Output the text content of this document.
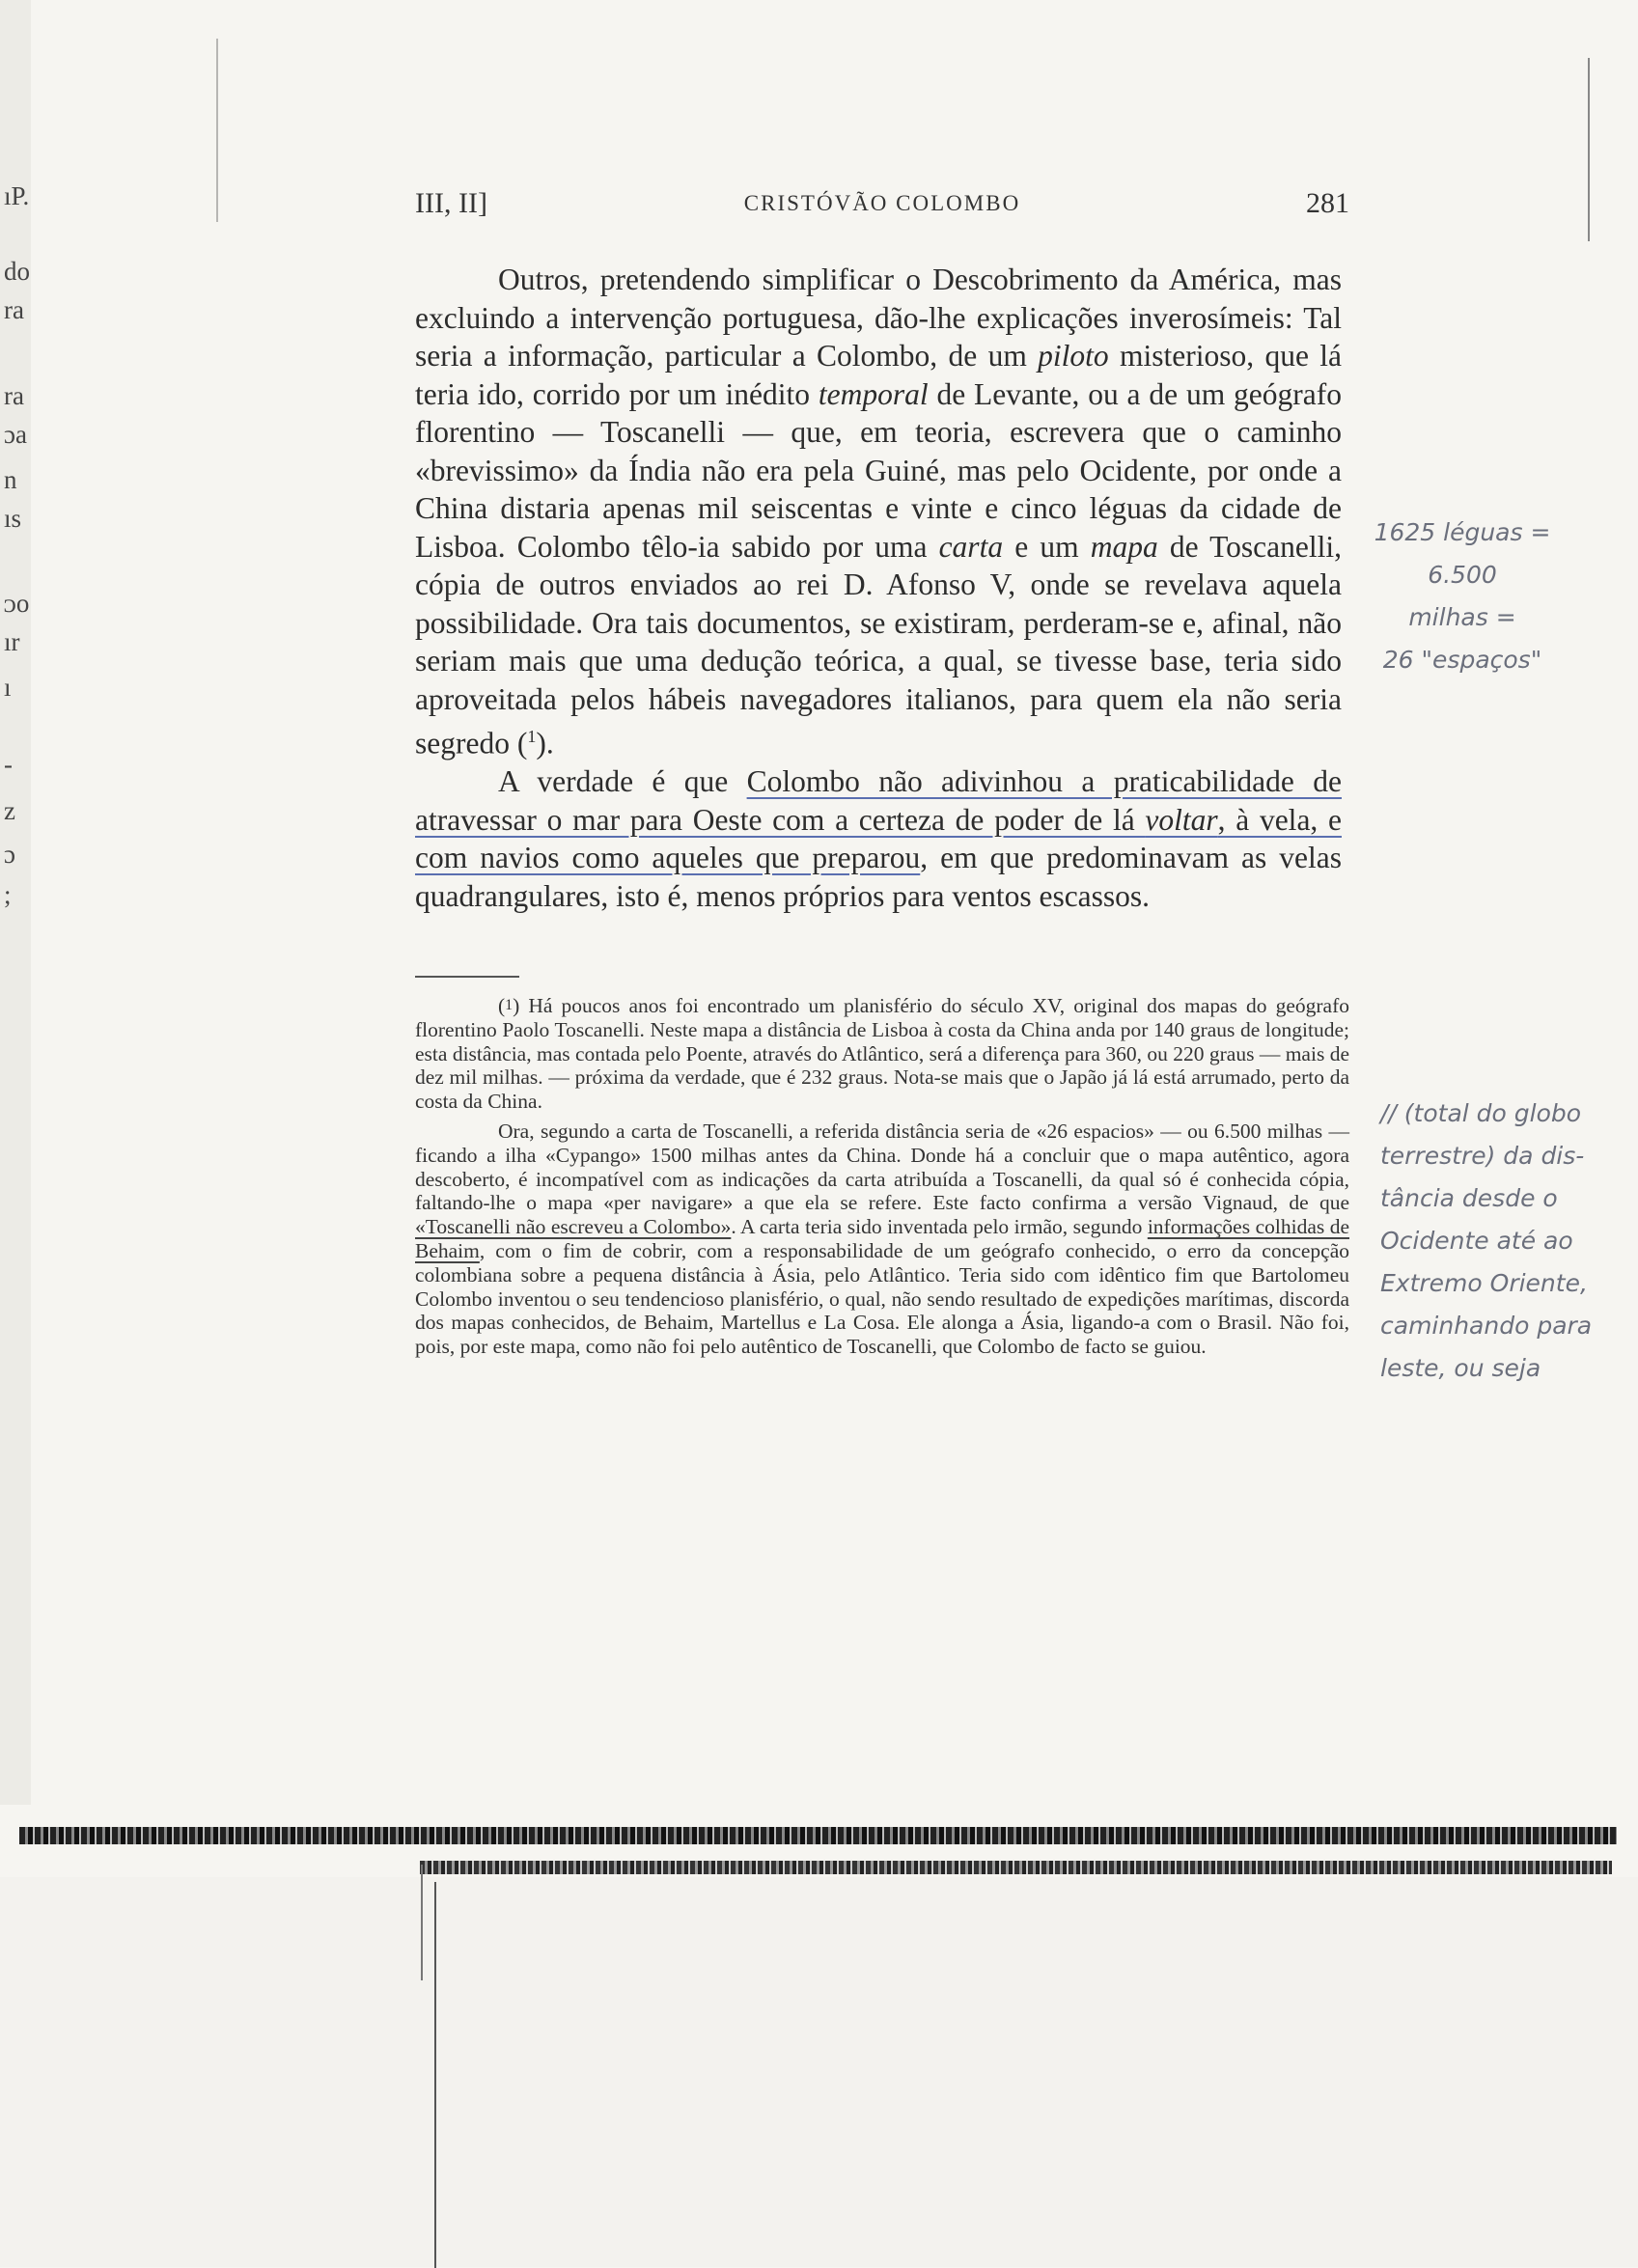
ıP.
do
ra
ra
ɔa
n
ıs
ᴐo
ır
ı
-
z
ɔ
;
III, II]	CRISTÓVÃO COLOMBO	281

Outros, pretendendo simplificar o Descobrimento da América, mas excluindo a intervenção portuguesa, dão-lhe explicações inverosímeis: Tal seria a informação, particular a Colombo, de um piloto misterioso, que lá teria ido, corrido por um inédito temporal de Levante, ou a de um geógrafo florentino — Toscanelli — que, em teoria, escrevera que o caminho «brevissimo» da Índia não era pela Guiné, mas pelo Ocidente, por onde a China distaria apenas mil seiscentas e vinte e cinco léguas da cidade de Lisboa. Colombo têlo-ia sabido por uma carta e um mapa de Toscanelli, cópia de outros enviados ao rei D. Afonso V, onde se revelava aquela possibilidade. Ora tais documentos, se existiram, perderam-se e, afinal, não seriam mais que uma dedução teórica, a qual, se tivesse base, teria sido aproveitada pelos hábeis navegadores italianos, para quem ela não seria segredo ($^1$).

A verdade é que Colombo não adivinhou a praticabilidade de atravessar o mar para Oeste com a certeza de poder de lá voltar, à vela, e com navios como aqueles que preparou, em que predominavam as velas quadrangulares, isto é, menos próprios para ventos escassos.

($^1$) Há poucos anos foi encontrado um planisfério do século XV, original dos mapas do geógrafo florentino Paolo Toscanelli. Neste mapa a distância de Lisboa à costa da China anda por 140 graus de longitude; esta distância, mas contada pelo Poente, através do Atlântico, será a diferença para 360, ou 220 graus — mais de dez mil milhas. — próxima da verdade, que é 232 graus. Nota-se mais que o Japão já lá está arrumado, perto da costa da China.

Ora, segundo a carta de Toscanelli, a referida distância seria de «26 espacios» — ou 6.500 milhas — ficando a ilha «Cypango» 1500 milhas antes da China. Donde há a concluir que o mapa autêntico, agora descoberto, é incompatível com as indicações da carta atribuída a Toscanelli, da qual só é conhecida cópia, faltando-lhe o mapa «per navigare» a que ela se refere. Este facto confirma a versão Vignaud, de que «Toscanelli não escreveu a Colombo». A carta teria sido inventada pelo irmão, segundo informações colhidas de Behaim, com o fim de cobrir, com a responsabilidade de um geógrafo conhecido, o erro da concepção colombiana sobre a pequena distância à Ásia, pelo Atlântico. Teria sido com idêntico fim que Bartolomeu Colombo inventou o seu tendencioso planisfério, o qual, não sendo resultado de expedições marítimas, discorda dos mapas conhecidos, de Behaim, Martellus e La Cosa. Ele alonga a Ásia, ligando-a com o Brasil. Não foi, pois, por este mapa, como não foi pelo autêntico de Toscanelli, que Colombo de facto se guiou.

1625 léguas =
6.500
milhas =
26 "espaços"
// (total do globo
terrestre) da dis-
tância desde o
Ocidente até ao
Extremo Oriente,
caminhando para
leste, ou seja
